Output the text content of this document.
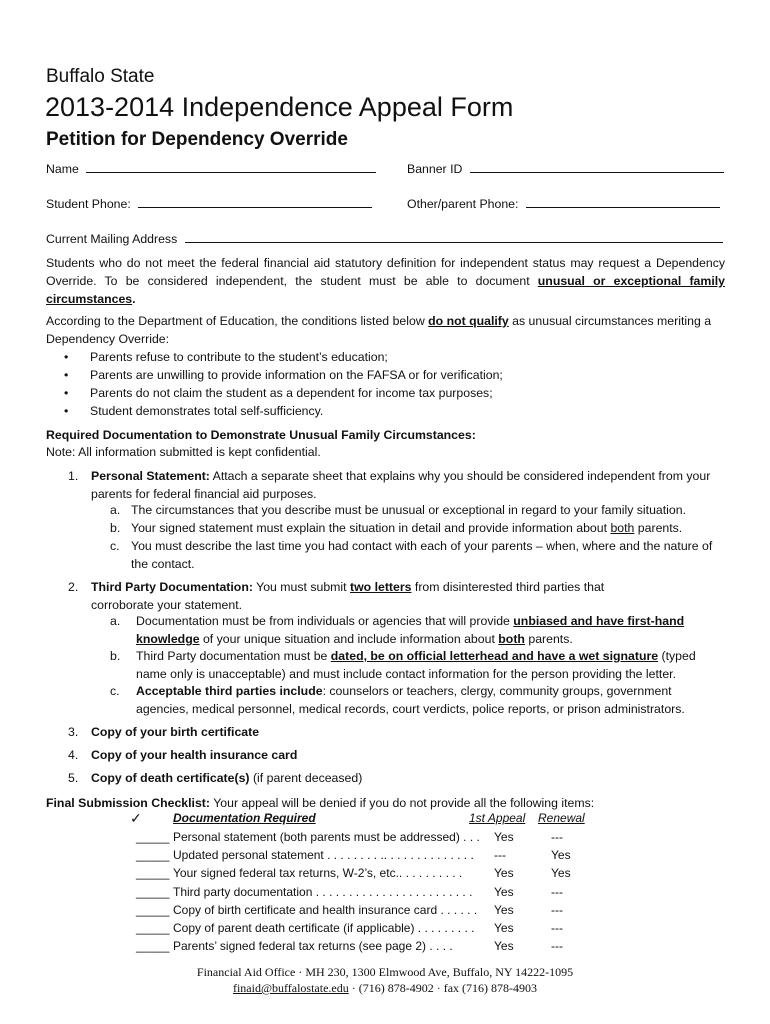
Buffalo State
2013-2014 Independence Appeal Form
Petition for Dependency Override
Name	Banner ID
Student Phone:	Other/parent Phone:
Current Mailing Address
Students who do not meet the federal financial aid statutory definition for independent status may request a Dependency Override. To be considered independent, the student must be able to document unusual or exceptional family circumstances.
According to the Department of Education, the conditions listed below do not qualify as unusual circumstances meriting a Dependency Override:
• Parents refuse to contribute to the student’s education;
• Parents are unwilling to provide information on the FAFSA or for verification;
• Parents do not claim the student as a dependent for income tax purposes;
• Student demonstrates total self-sufficiency.
Required Documentation to Demonstrate Unusual Family Circumstances:
Note: All information submitted is kept confidential.
1. Personal Statement: Attach a separate sheet that explains why you should be considered independent from your parents for federal financial aid purposes.
a. The circumstances that you describe must be unusual or exceptional in regard to your family situation.
b. Your signed statement must explain the situation in detail and provide information about both parents.
c. You must describe the last time you had contact with each of your parents – when, where and the nature of the contact.
2. Third Party Documentation: You must submit two letters from disinterested third parties that corroborate your statement.
a. Documentation must be from individuals or agencies that will provide unbiased and have first-hand knowledge of your unique situation and include information about both parents.
b. Third Party documentation must be dated, be on official letterhead and have a wet signature (typed name only is unacceptable) and must include contact information for the person providing the letter.
c. Acceptable third parties include: counselors or teachers, clergy, community groups, government agencies, medical personnel, medical records, court verdicts, police reports, or prison administrators.
3. Copy of your birth certificate
4. Copy of your health insurance card
5. Copy of death certificate(s) (if parent deceased)
Final Submission Checklist: Your appeal will be denied if you do not provide all the following items:
✓	Documentation Required	1st Appeal Renewal
_____ Personal statement (both parents must be addressed) . . . Yes	---
_____ Updated personal statement . . . . . . . . .. . . . . . . . . . . . . . ---	Yes
_____ Your signed federal tax returns, W-2’s, etc.. . . . . . . . . .	Yes	Yes
_____ Third party documentation . . . . . . . . . . . . . . . . . . . . . . . . Yes	---
_____ Copy of birth certificate and health insurance card . . . . . . Yes	---
_____ Copy of parent death certificate (if applicable) . . . . . . . . . Yes	---
_____ Parents’ signed federal tax returns (see page 2) . . . .	Yes	---
Financial Aid Office · MH 230, 1300 Elmwood Ave, Buffalo, NY 14222-1095
finaid@buffalostate.edu · (716) 878-4902 · fax (716) 878-4903
